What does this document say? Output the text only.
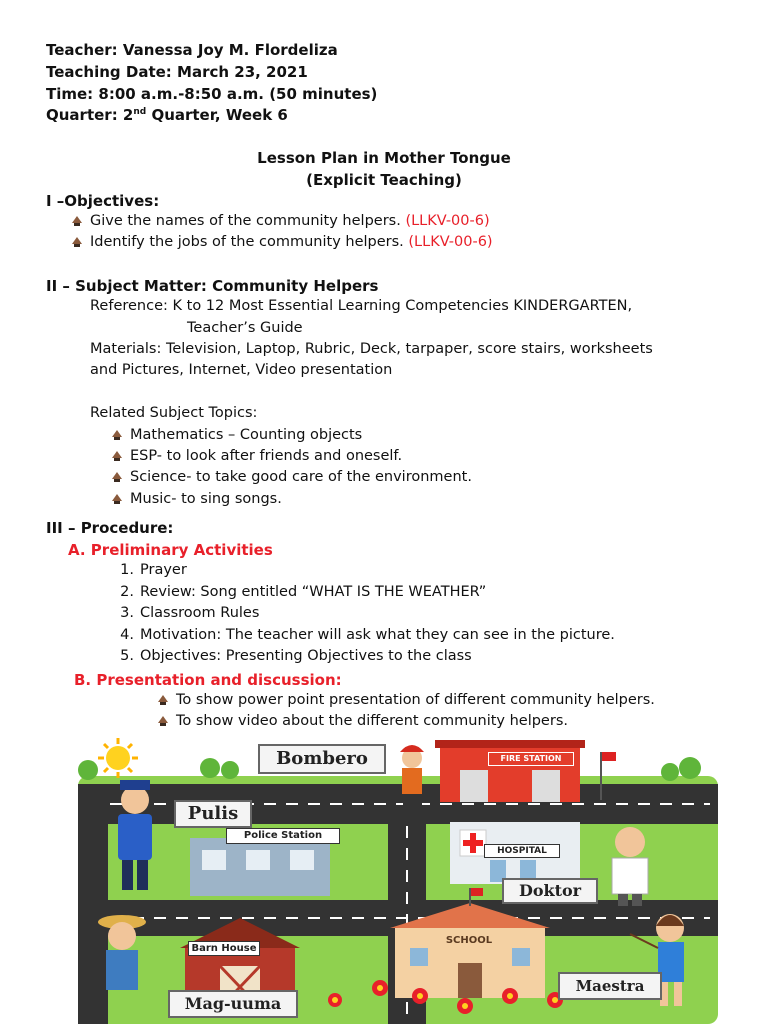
Teacher: Vanessa Joy M. Flordeliza
Teaching Date: March 23, 2021
Time: 8:00 a.m.-8:50 a.m. (50 minutes)
Quarter: 2nd Quarter, Week 6
Lesson Plan in Mother Tongue
(Explicit Teaching)
I –Objectives:
Give the names of the community helpers. (LLKV-00-6)
Identify the jobs of the community helpers. (LLKV-00-6)
II – Subject Matter: Community Helpers
Reference: K to 12 Most Essential Learning Competencies KINDERGARTEN,
Teacher’s Guide
Materials: Television, Laptop, Rubric, Deck, tarpaper, score stairs, worksheets
and Pictures, Internet, Video presentation
Related Subject Topics:
Mathematics – Counting objects
ESP- to look after friends and oneself.
Science- to take good care of the environment.
Music- to sing songs.
III – Procedure:
A. Preliminary Activities
1. Prayer
2. Review: Song entitled “WHAT IS THE WEATHER”
3. Classroom Rules
4. Motivation: The teacher will ask what they can see in the picture.
5. Objectives: Presenting Objectives to the class
B. Presentation and discussion:
To show power point presentation of different community helpers.
To show video about the different community helpers.
Bombero	FIRE STATION
Pulis
Police Station
HOSPITAL
Doktor
Barn House
SCHOOL
Mag-uuma
Maestra
